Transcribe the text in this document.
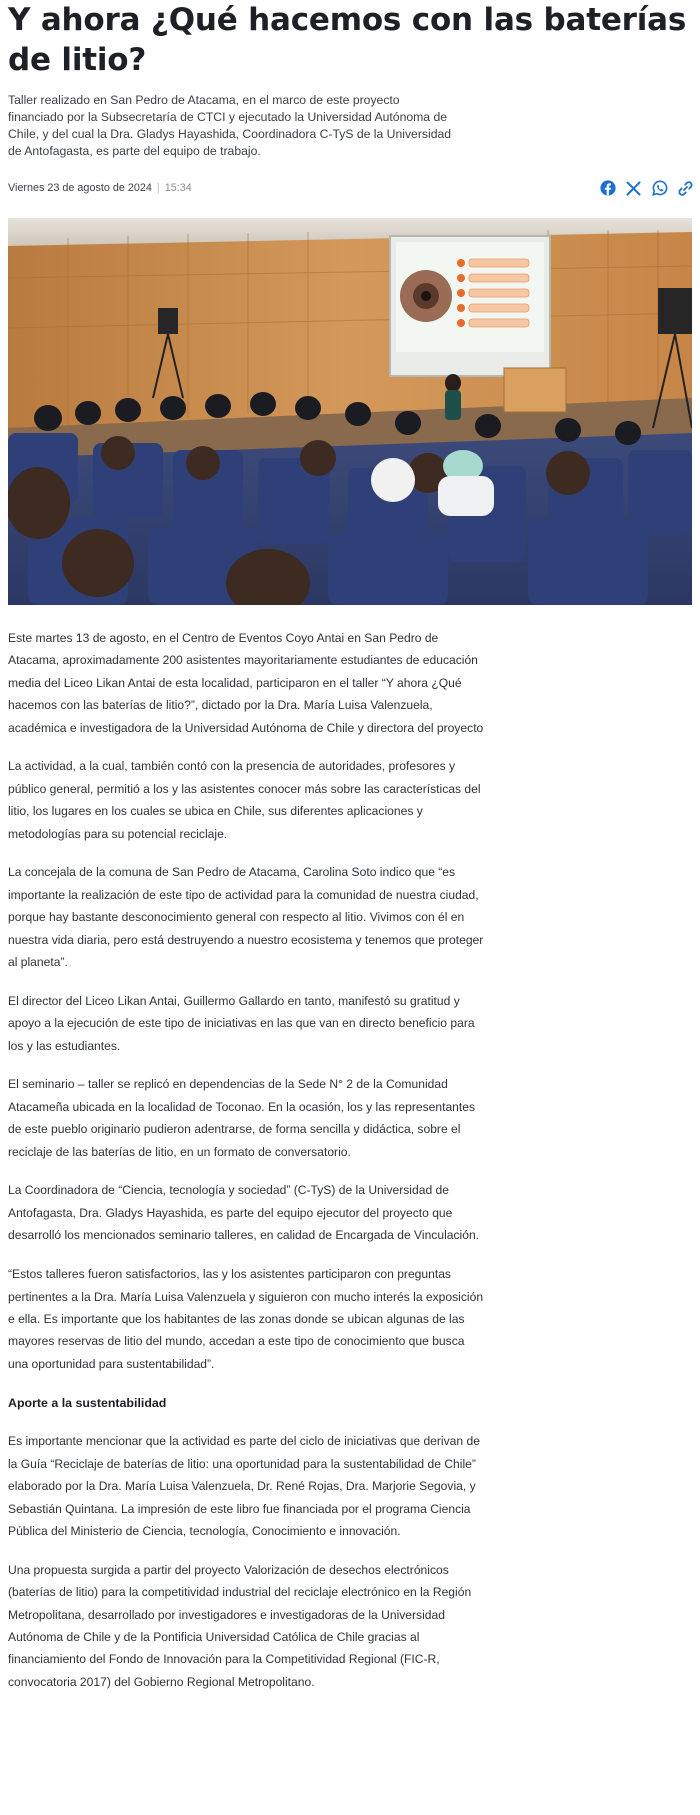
Y ahora ¿Qué hacemos con las baterías de litio?

Taller realizado en San Pedro de Atacama, en el marco de este proyecto financiado por la Subsecretaría de CTCI y ejecutado la Universidad Autónoma de Chile, y del cual la Dra. Gladys Hayashida, Coordinadora C-TyS de la Universidad de Antofagasta, es parte del equipo de trabajo.

Viernes 23 de agosto de 2024 | 15:34

Este martes 13 de agosto, en el Centro de Eventos Coyo Antai en San Pedro de Atacama, aproximadamente 200 asistentes mayoritariamente estudiantes de educación media del Liceo Likan Antai de esta localidad, participaron en el taller “Y ahora ¿Qué hacemos con las baterías de litio?”, dictado por la Dra. María Luisa Valenzuela, académica e investigadora de la Universidad Autónoma de Chile y directora del proyecto

La actividad, a la cual, también contó con la presencia de autoridades, profesores y público general, permitió a los y las asistentes conocer más sobre las características del litio, los lugares en los cuales se ubica en Chile, sus diferentes aplicaciones y metodologías para su potencial reciclaje.

La concejala de la comuna de San Pedro de Atacama, Carolina Soto indico que “es importante la realización de este tipo de actividad para la comunidad de nuestra ciudad, porque hay bastante desconocimiento general con respecto al litio. Vivimos con él en nuestra vida diaria, pero está destruyendo a nuestro ecosistema y tenemos que proteger al planeta”.

El director del Liceo Likan Antai, Guillermo Gallardo en tanto, manifestó su gratitud y apoyo a la ejecución de este tipo de iniciativas en las que van en directo beneficio para los y las estudiantes.

El seminario – taller se replicó en dependencias de la Sede N° 2 de la Comunidad Atacameña ubicada en la localidad de Toconao. En la ocasión, los y las representantes de este pueblo originario pudieron adentrarse, de forma sencilla y didáctica, sobre el reciclaje de las baterías de litio, en un formato de conversatorio.

La Coordinadora de “Ciencia, tecnología y sociedad” (C-TyS) de la Universidad de Antofagasta, Dra. Gladys Hayashida, es parte del equipo ejecutor del proyecto que desarrolló los mencionados seminario talleres, en calidad de Encargada de Vinculación.

“Estos talleres fueron satisfactorios, las y los asistentes participaron con preguntas pertinentes a la Dra. María Luisa Valenzuela y siguieron con mucho interés la exposición e ella. Es importante que los habitantes de las zonas donde se ubican algunas de las mayores reservas de litio del mundo, accedan a este tipo de conocimiento que busca una oportunidad para sustentabilidad”.

Aporte a la sustentabilidad

Es importante mencionar que la actividad es parte del ciclo de iniciativas que derivan de la Guía “Reciclaje de baterías de litio: una oportunidad para la sustentabilidad de Chile” elaborado por la Dra. María Luisa Valenzuela, Dr. René Rojas, Dra. Marjorie Segovia, y Sebastián Quintana. La impresión de este libro fue financiada por el programa Ciencia Pública del Ministerio de Ciencia, tecnología, Conocimiento e innovación.

Una propuesta surgida a partir del proyecto Valorización de desechos electrónicos (baterías de litio) para la competitividad industrial del reciclaje electrónico en la Región Metropolitana, desarrollado por investigadores e investigadoras de la Universidad Autónoma de Chile y de la Pontificia Universidad Católica de Chile gracias al financiamiento del Fondo de Innovación para la Competitividad Regional (FIC-R, convocatoria 2017) del Gobierno Regional Metropolitano.
